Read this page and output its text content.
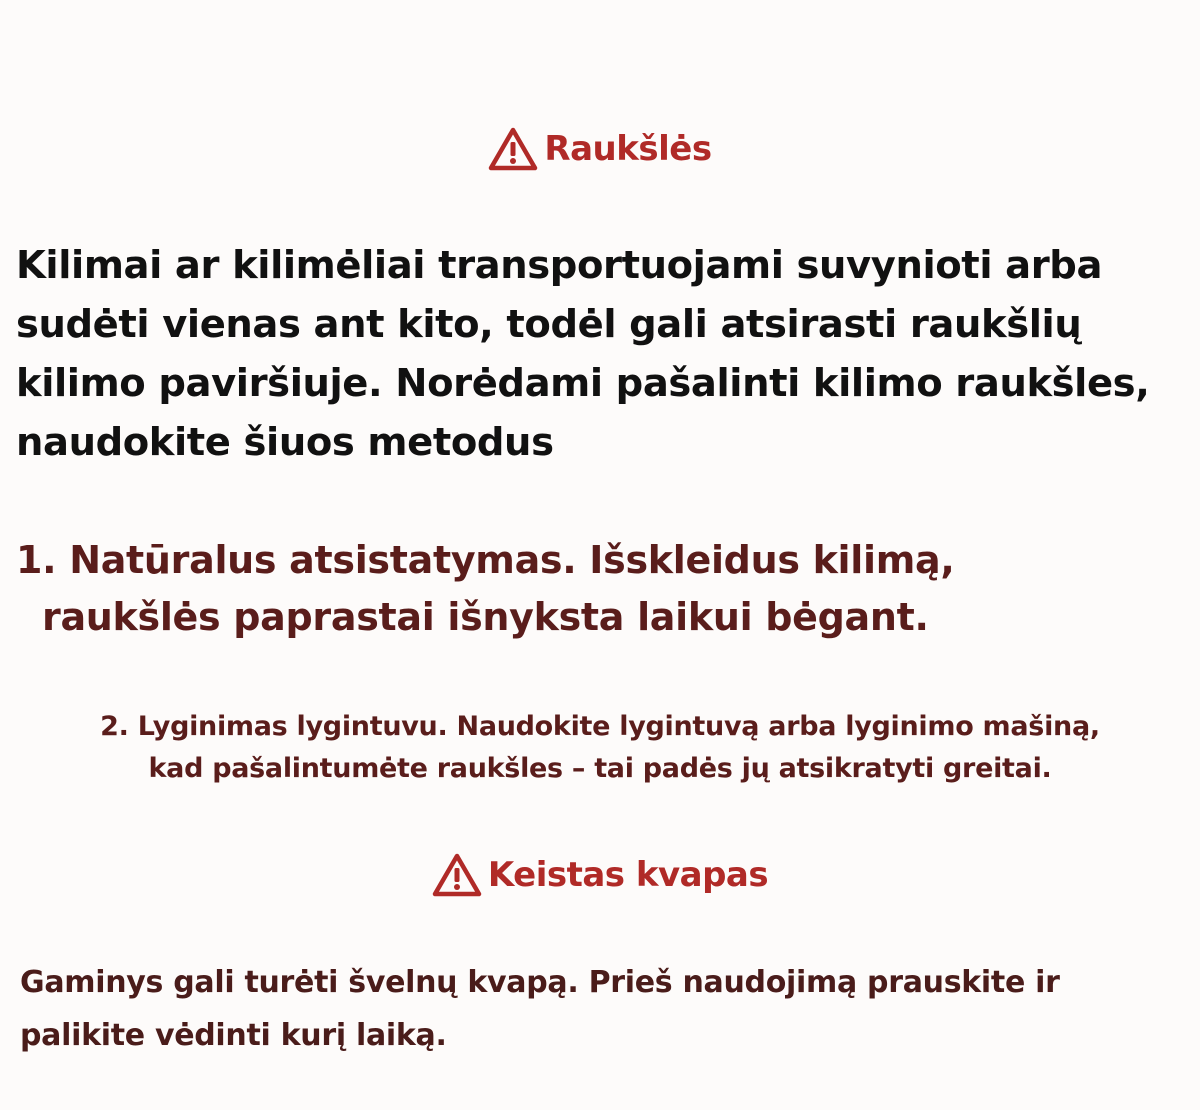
Raukšlės

Kilimai ar kilimėliai transportuojami suvynioti arba sudėti vienas ant kito, todėl gali atsirasti raukšlių kilimo paviršiuje. Norėdami pašalinti kilimo raukšles, naudokite šiuos metodus

1. Natūralus atsistatymas. Išskleidus kilimą,
raukšlės paprastai išnyksta laikui bėgant.

2. Lyginimas lygintuvu. Naudokite lygintuvą arba lyginimo mašiną,
kad pašalintumėte raukšles – tai padės jų atsikratyti greitai.

Keistas kvapas

Gaminys gali turėti švelnų kvapą. Prieš naudojimą prauskite ir palikite vėdinti kurį laiką.
